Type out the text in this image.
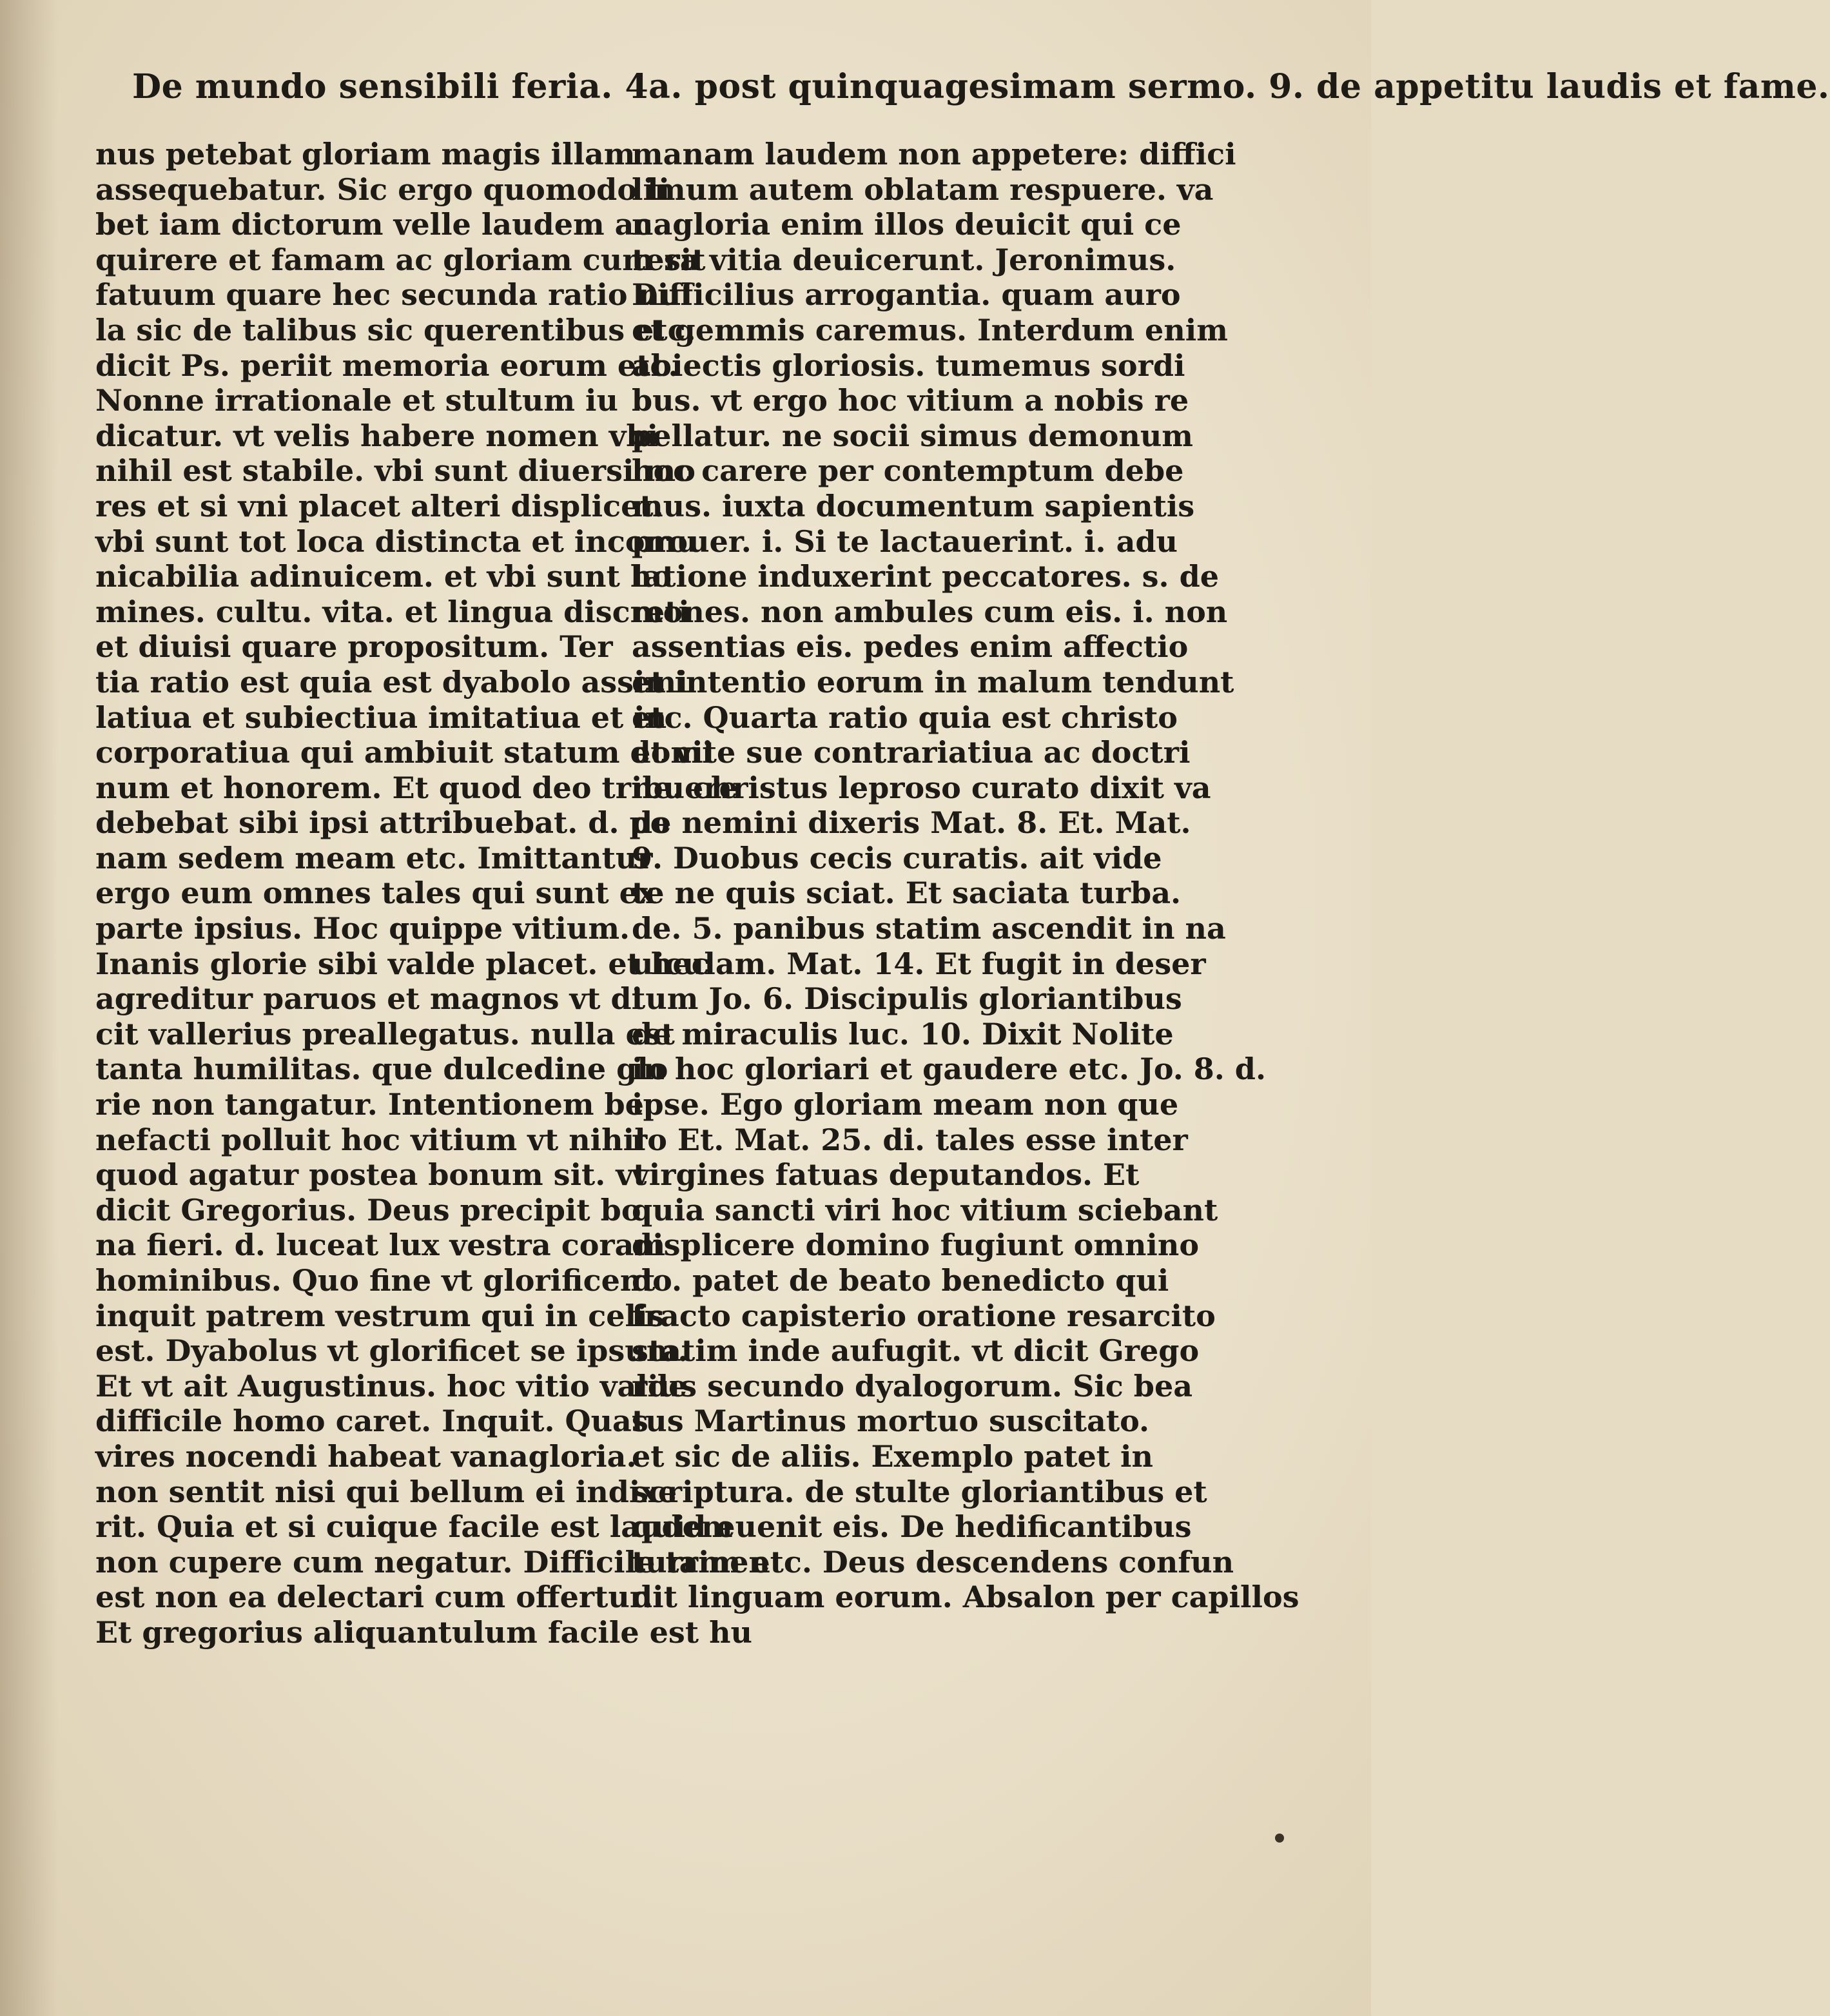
De mundo sensibili feria. 4a. post quinquagesimam sermo. 9. de appetitu laudis et fame.
nus petebat gloriam magis illam
assequebatur. Sic ergo quomodo li
bet iam dictorum velle laudem ac
quirere et famam ac gloriam cum sit
fatuum quare hec secunda ratio nul
la sic de talibus sic querentibus etc.
dicit Ps. periit memoria eorum etc.
Nonne irrationale et stultum iu
dicatur. vt velis habere nomen vbi
nihil est stabile. vbi sunt diuersi mo
res et si vni placet alteri displicet.
vbi sunt tot loca distincta et incomu
nicabilia adinuicem. et vbi sunt ho
mines. cultu. vita. et lingua discreti
et diuisi quare propositum. Ter
tia ratio est quia est dyabolo assimi
latiua et subiectiua imitatiua et in
corporatiua qui ambiuit statum domi
num et honorem. Et quod deo tribuere
debebat sibi ipsi attribuebat. d. po
nam sedem meam etc. Imittantur
ergo eum omnes tales qui sunt ex
parte ipsius. Hoc quippe vitium.
Inanis glorie sibi valde placet. et hec
agreditur paruos et magnos vt di
cit vallerius preallegatus. nulla est
tanta humilitas. que dulcedine glo
rie non tangatur. Intentionem be
nefacti polluit hoc vitium vt nihil
quod agatur postea bonum sit. vt
dicit Gregorius. Deus precipit bo
na fieri. d. luceat lux vestra coram
hominibus. Quo fine vt glorificent
inquit patrem vestrum qui in celis
est. Dyabolus vt glorificet se ipsum.
Et vt ait Augustinus. hoc vitio valde
difficile homo caret. Inquit. Quas
vires nocendi habeat vanagloria.
non sentit nisi qui bellum ei indixe
rit. Quia et si cuique facile est laudem
non cupere cum negatur. Difficile tamen
est non ea delectari cum offertur.
Et gregorius aliquantulum facile est hu
manam laudem non appetere: diffici
limum autem oblatam respuere. va
nagloria enim illos deuicit qui ce
tera vitia deuicerunt. Jeronimus.
Difficilius arrogantia. quam auro
et gemmis caremus. Interdum enim
abiectis gloriosis. tumemus sordi
bus. vt ergo hoc vitium a nobis re
pellatur. ne socii simus demonum
hoc carere per contemptum debe
mus. iuxta documentum sapientis
prouer. i. Si te lactauerint. i. adu
latione induxerint peccatores. s. de
mones. non ambules cum eis. i. non
assentias eis. pedes enim affectio
et intentio eorum in malum tendunt
etc. Quarta ratio quia est christo
et vite sue contrariatiua ac doctri
ne. christus leproso curato dixit va
de nemini dixeris Mat. 8. Et. Mat.
9. Duobus cecis curatis. ait vide
te ne quis sciat. Et saciata turba.
de. 5. panibus statim ascendit in na
uiculam. Mat. 14. Et fugit in deser
tum Jo. 6. Discipulis gloriantibus
de miraculis luc. 10. Dixit Nolite
in hoc gloriari et gaudere etc. Jo. 8. d.
ipse. Ego gloriam meam non que
ro Et. Mat. 25. di. tales esse inter
virgines fatuas deputandos. Et
quia sancti viri hoc vitium sciebant
displicere domino fugiunt omnino
do. patet de beato benedicto qui
fracto capisterio oratione resarcito
statim inde aufugit. vt dicit Grego
rius secundo dyalogorum. Sic bea
tus Martinus mortuo suscitato.
et sic de aliis. Exemplo patet in
scriptura. de stulte gloriantibus et
quid euenit eis. De hedificantibus
turrim etc. Deus descendens confun
dit linguam eorum. Absalon per capillos
